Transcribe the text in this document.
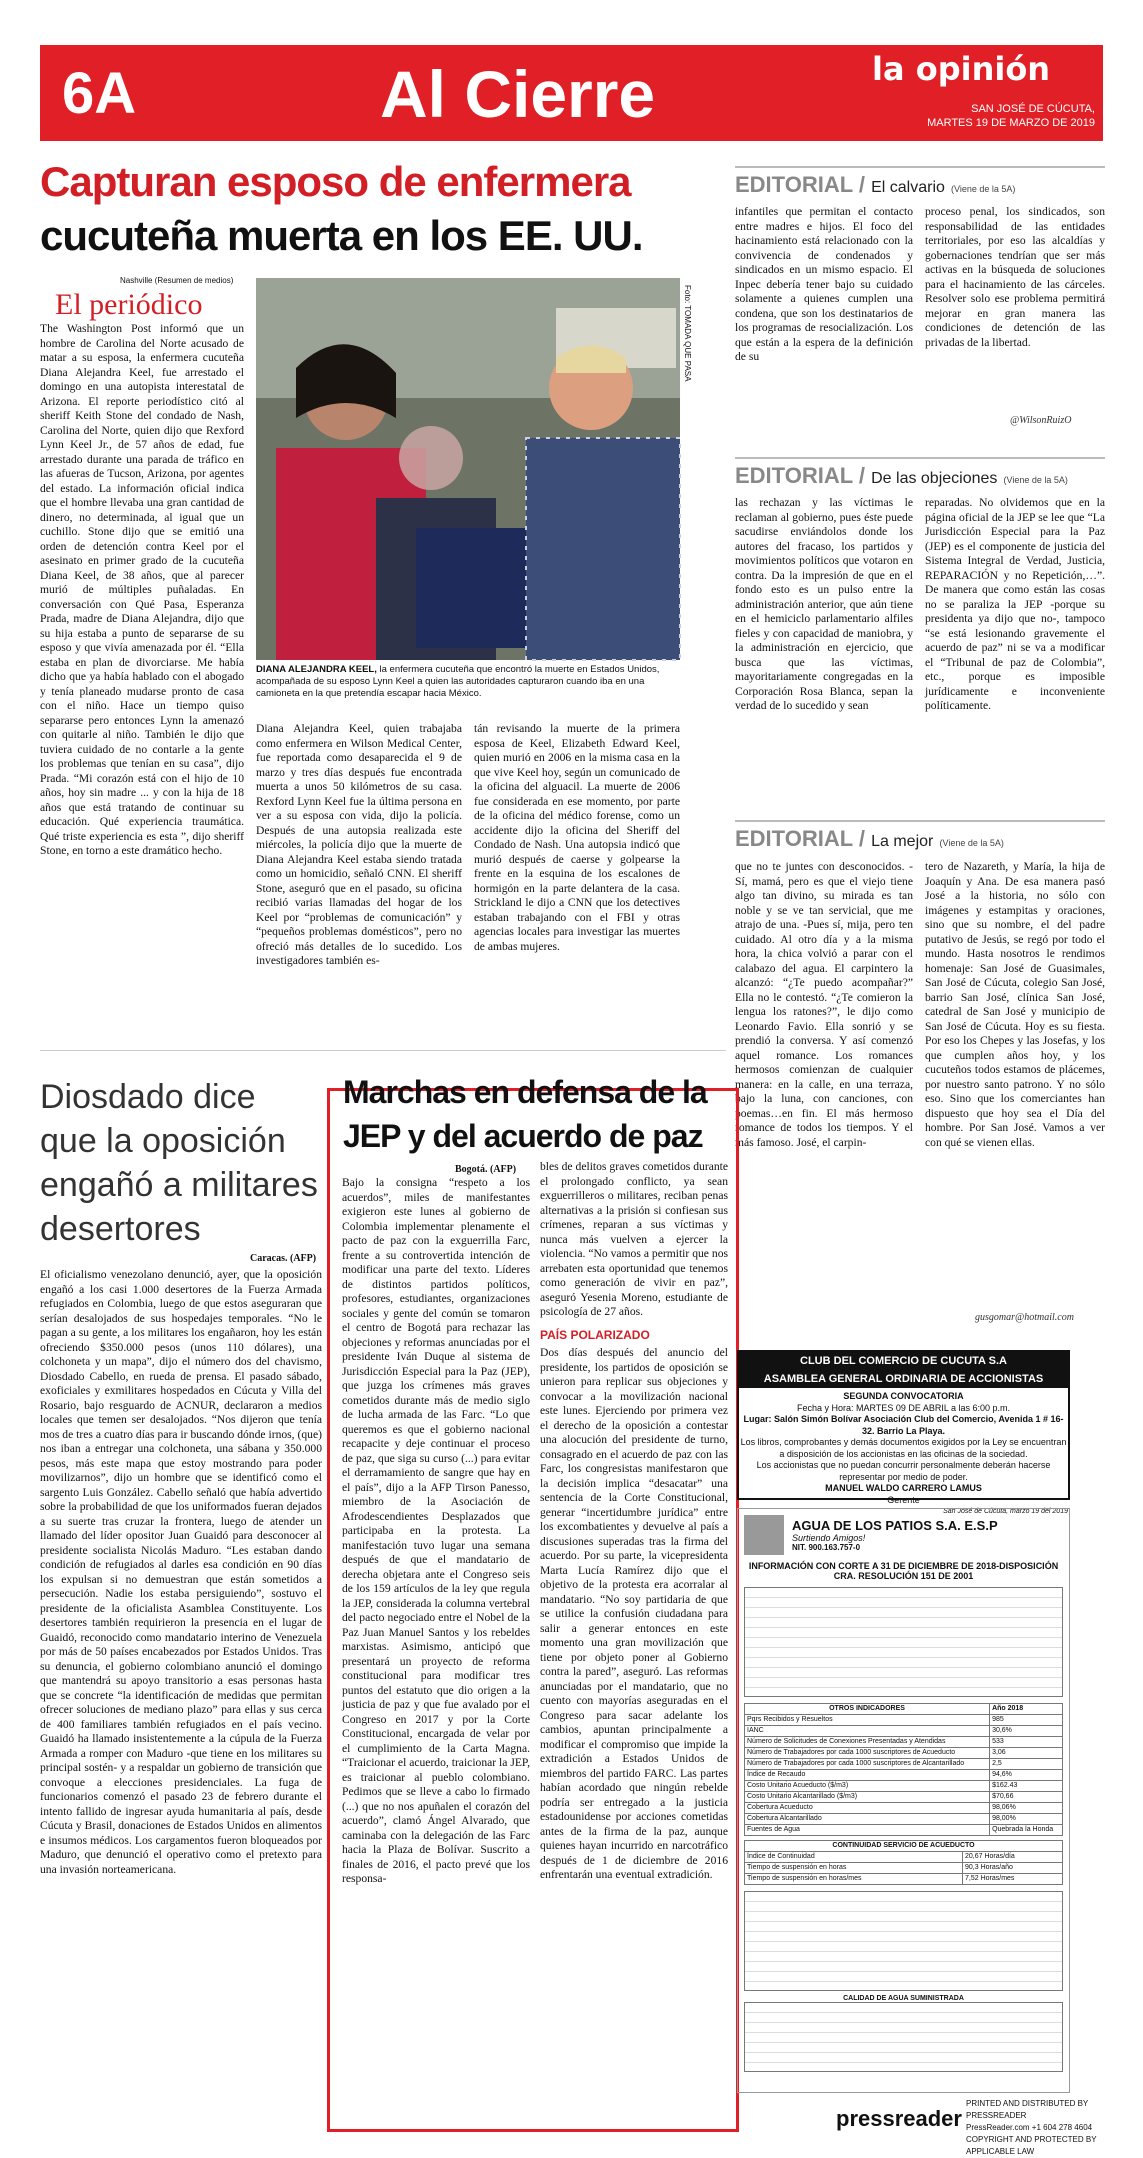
6A	Al Cierre	la opinión
SAN JOSÉ DE CÚCUTA,
MARTES 19 DE MARZO DE 2019
Capturan esposo de enfermera
cucuteña muerta en los EE. UU.
Nashville (Resumen de medios)
El periódico
The Washington Post informó que un hombre de Carolina del Norte acusado de matar a su esposa, la enfermera cucuteña Diana Alejandra Keel, fue arrestado el domingo en una autopista interestatal de Arizona. El reporte periodístico citó al sheriff Keith Stone del condado de Nash, Carolina del Norte, quien dijo que Rexford Lynn Keel Jr., de 57 años de edad, fue arrestado durante una parada de tráfico en las afueras de Tucson, Arizona, por agentes del estado. La información oficial indica que el hombre llevaba una gran cantidad de dinero, no determinada, al igual que un cuchillo. Stone dijo que se emitió una orden de detención contra Keel por el asesinato en primer grado de la cucuteña Diana Keel, de 38 años, que al parecer murió de múltiples puñaladas. En conversación con Qué Pasa, Esperanza Prada, madre de Diana Alejandra, dijo que su hija estaba a punto de separarse de su esposo y que vivía amenazada por él. “Ella estaba en plan de divorciarse. Me había dicho que ya había hablado con el abogado y tenía planeado mudarse pronto de casa con el niño. Hace un tiempo quiso separarse pero entonces Lynn la amenazó con quitarle al niño. También le dijo que tuviera cuidado de no contarle a la gente los problemas que tenían en su casa”, dijo Prada. “Mi corazón está con el hijo de 10 años, hoy sin madre ... y con la hija de 18 años que está tratando de continuar su educación. Qué experiencia traumática. Qué triste experiencia es esta ”, dijo sheriff Stone, en torno a este dramático hecho.
Foto: TOMADA QUE PASA
DIANA ALEJANDRA KEEL, la enfermera cucuteña que encontró la muerte en Estados Unidos, acompañada de su esposo Lynn Keel a quien las autoridades capturaron cuando iba en una camioneta en la que pretendía escapar hacia México.
Diana Alejandra Keel, quien trabajaba como enfermera en Wilson Medical Center, fue reportada como desaparecida el 9 de marzo y tres días después fue encontrada muerta a unos 50 kilómetros de su casa. Rexford Lynn Keel fue la última persona en ver a su esposa con vida, dijo la policía. Después de una autopsia realizada este miércoles, la policía dijo que la muerte de Diana Alejandra Keel estaba siendo tratada como un homicidio, señaló CNN. El sheriff Stone, aseguró que en el pasado, su oficina recibió varias llamadas del hogar de los Keel por “problemas de comunicación” y “pequeños problemas domésticos”, pero no ofreció más detalles de lo sucedido. Los investigadores también es-
tán revisando la muerte de la primera esposa de Keel, Elizabeth Edward Keel, quien murió en 2006 en la misma casa en la que vive Keel hoy, según un comunicado de la oficina del alguacil. La muerte de 2006 fue considerada en ese momento, por parte de la oficina del médico forense, como un accidente dijo la oficina del Sheriff del Condado de Nash. Una autopsia indicó que murió después de caerse y golpearse la frente en la esquina de los escalones de hormigón en la parte delantera de la casa. Strickland le dijo a CNN que los detectives estaban trabajando con el FBI y otras agencias locales para investigar las muertes de ambas mujeres.
EDITORIAL / El calvario (Viene de la 5A)
infantiles que permitan el contacto entre madres e hijos. El foco del hacinamiento está relacionado con la convivencia de condenados y sindicados en un mismo espacio. El Inpec debería tener bajo su cuidado solamente a quienes cumplen una condena, que son los destinatarios de los programas de resocialización. Los que están a la espera de la definición de su
proceso penal, los sindicados, son responsabilidad de las entidades territoriales, por eso las alcaldías y gobernaciones tendrían que ser más activas en la búsqueda de soluciones para el hacinamiento de las cárceles. Resolver solo ese problema permitirá mejorar en gran manera las condiciones de detención de las privadas de la libertad.
@WilsonRuizO
EDITORIAL / De las objeciones (Viene de la 5A)
las rechazan y las víctimas le reclaman al gobierno, pues éste puede sacudirse enviándolos donde los autores del fracaso, los partidos y movimientos políticos que votaron en contra. Da la impresión de que en el fondo esto es un pulso entre la administración anterior, que aún tiene en el hemiciclo parlamentario alfiles fieles y con capacidad de maniobra, y la administración en ejercicio, que busca que las víctimas, mayoritariamente congregadas en la Corporación Rosa Blanca, sepan la verdad de lo sucedido y sean
reparadas. No olvidemos que en la página oficial de la JEP se lee que “La Jurisdicción Especial para la Paz (JEP) es el componente de justicia del Sistema Integral de Verdad, Justicia, REPARACIÓN y no Repetición,…”. De manera que como están las cosas no se paraliza la JEP -porque su presidenta ya dijo que no-, tampoco “se está lesionando gravemente el acuerdo de paz” ni se va a modificar el “Tribunal de paz de Colombia”, etc., porque es imposible jurídicamente e inconveniente políticamente.
EDITORIAL / La mejor (Viene de la 5A)
que no te juntes con desconocidos. -Sí, mamá, pero es que el viejo tiene algo tan divino, su mirada es tan noble y se ve tan servicial, que me atrajo de una. -Pues sí, mija, pero ten cuidado. Al otro día y a la misma hora, la chica volvió a parar con el calabazo del agua. El carpintero la alcanzó: “¿Te puedo acompañar?” Ella no le contestó. “¿Te comieron la lengua los ratones?”, le dijo como Leonardo Favio. Ella sonrió y se prendió la conversa. Y así comenzó aquel romance. Los romances hermosos comienzan de cualquier manera: en la calle, en una terraza, bajo la luna, con canciones, con poemas…en fin. El más hermoso romance de todos los tiempos. Y el más famoso. José, el carpin-
tero de Nazareth, y María, la hija de Joaquín y Ana. De esa manera pasó José a la historia, no sólo con imágenes y estampitas y oraciones, sino que su nombre, el del padre putativo de Jesús, se regó por todo el mundo. Hasta nosotros le rendimos homenaje: San José de Guasimales, San José de Cúcuta, colegio San José, barrio San José, clínica San José, catedral de San José y municipio de San José de Cúcuta. Hoy es su fiesta. Por eso los Chepes y las Josefas, y los que cumplen años hoy, y los cucuteños todos estamos de plácemes, por nuestro santo patrono. Y no sólo eso. Sino que los comerciantes han dispuesto que hoy sea el Día del hombre. Por San José. Vamos a ver con qué se vienen ellas.
gusgomar@hotmail.com
Diosdado dice que la oposición engañó a militares desertores
Caracas. (AFP)
El oficialismo venezolano denunció, ayer, que la oposición engañó a los casi 1.000 desertores de la Fuerza Armada refugiados en Colombia, luego de que estos aseguraran que serían desalojados de sus hospedajes temporales. “No le pagan a su gente, a los militares los engañaron, hoy les están ofreciendo $350.000 pesos (unos 110 dólares), una colchoneta y un mapa”, dijo el número dos del chavismo, Diosdado Cabello, en rueda de prensa. El pasado sábado, exoficiales y exmilitares hospedados en Cúcuta y Villa del Rosario, bajo resguardo de ACNUR, declararon a medios locales que temen ser desalojados. “Nos dijeron que tenía mos de tres a cuatro días para ir buscando dónde irnos, (que) nos iban a entregar una colchoneta, una sábana y 350.000 pesos, más este mapa que estoy mostrando para poder movilizarnos”, dijo un hombre que se identificó como el sargento Luis González. Cabello señaló que había advertido sobre la probabilidad de que los uniformados fueran dejados a su suerte tras cruzar la frontera, luego de atender un llamado del líder opositor Juan Guaidó para desconocer al presidente socialista Nicolás Maduro. “Les estaban dando condición de refugiados al darles esa condición en 90 días los expulsan si no demuestran que están sometidos a persecución. Nadie los estaba persiguiendo”, sostuvo el presidente de la oficialista Asamblea Constituyente. Los desertores también requirieron la presencia en el lugar de Guaidó, reconocido como mandatario interino de Venezuela por más de 50 países encabezados por Estados Unidos. Tras su denuncia, el gobierno colombiano anunció el domingo que mantendrá su apoyo transitorio a esas personas hasta que se concrete “la identificación de medidas que permitan ofrecer soluciones de mediano plazo” para ellas y sus cerca de 400 familiares también refugiados en el país vecino. Guaidó ha llamado insistentemente a la cúpula de la Fuerza Armada a romper con Maduro -que tiene en los militares su principal sostén- y a respaldar un gobierno de transición que convoque a elecciones presidenciales. La fuga de funcionarios comenzó el pasado 23 de febrero durante el intento fallido de ingresar ayuda humanitaria al país, desde Cúcuta y Brasil, donaciones de Estados Unidos en alimentos e insumos médicos. Los cargamentos fueron bloqueados por Maduro, que denunció el operativo como el pretexto para una invasión norteamericana.
Marchas en defensa de la JEP y del acuerdo de paz
Bogotá. (AFP)
Bajo la consigna “respeto a los acuerdos”, miles de manifestantes exigieron este lunes al gobierno de Colombia implementar plenamente el pacto de paz con la exguerrilla Farc, frente a su controvertida intención de modificar una parte del texto. Líderes de distintos partidos políticos, profesores, estudiantes, organizaciones sociales y gente del común se tomaron el centro de Bogotá para rechazar las objeciones y reformas anunciadas por el presidente Iván Duque al sistema de Jurisdicción Especial para la Paz (JEP), que juzga los crímenes más graves cometidos durante más de medio siglo de lucha armada de las Farc. “Lo que queremos es que el gobierno nacional recapacite y deje continuar el proceso de paz, que siga su curso (...) para evitar el derramamiento de sangre que hay en el país”, dijo a la AFP Tirson Panesso, miembro de la Asociación de Afrodescendientes Desplazados que participaba en la protesta. La manifestación tuvo lugar una semana después de que el mandatario de derecha objetara ante el Congreso seis de los 159 artículos de la ley que regula la JEP, considerada la columna vertebral del pacto negociado entre el Nobel de la Paz Juan Manuel Santos y los rebeldes marxistas. Asimismo, anticipó que presentará un proyecto de reforma constitucional para modificar tres puntos del estatuto que dio origen a la justicia de paz y que fue avalado por el Congreso en 2017 y por la Corte Constitucional, encargada de velar por el cumplimiento de la Carta Magna. “Traicionar el acuerdo, traicionar la JEP, es traicionar al pueblo colombiano. Pedimos que se lleve a cabo lo firmado (...) que no nos apuñalen el corazón del acuerdo”, clamó Ángel Alvarado, que caminaba con la delegación de las Farc hacia la Plaza de Bolívar. Suscrito a finales de 2016, el pacto prevé que los responsa-
bles de delitos graves cometidos durante el prolongado conflicto, ya sean exguerrilleros o militares, reciban penas alternativas a la prisión si confiesan sus crímenes, reparan a sus víctimas y nunca más vuelven a ejercer la violencia. “No vamos a permitir que nos arrebaten esta oportunidad que tenemos como generación de vivir en paz”, aseguró Yesenia Moreno, estudiante de psicología de 27 años.
PAÍS POLARIZADO
Dos días después del anuncio del presidente, los partidos de oposición se unieron para replicar sus objeciones y convocar a la movilización nacional este lunes. Ejerciendo por primera vez el derecho de la oposición a contestar una alocución del presidente de turno, consagrado en el acuerdo de paz con las Farc, los congresistas manifestaron que la decisión implica “desacatar” una sentencia de la Corte Constitucional, generar “incertidumbre jurídica” entre los excombatientes y devuelve al país a discusiones superadas tras la firma del acuerdo. Por su parte, la vicepresidenta Marta Lucía Ramírez dijo que el objetivo de la protesta era acorralar al mandatario. “No soy partidaria de que se utilice la confusión ciudadana para salir a generar entonces en este momento una gran movilización que tiene por objeto poner al Gobierno contra la pared”, aseguró. Las reformas anunciadas por el mandatario, que no cuento con mayorías aseguradas en el Congreso para sacar adelante los cambios, apuntan principalmente a modificar el compromiso que impide la extradición a Estados Unidos de miembros del partido FARC. Las partes habían acordado que ningún rebelde podría ser entregado a la justicia estadounidense por acciones cometidas antes de la firma de la paz, aunque quienes hayan incurrido en narcotráfico después de 1 de diciembre de 2016 enfrentarán una eventual extradición.
CLUB DEL COMERCIO DE CUCUTA S.A
ASAMBLEA GENERAL ORDINARIA DE ACCIONISTAS
SEGUNDA CONVOCATORIA
Fecha y Hora: MARTES 09 DE ABRIL a las 6:00 p.m.
Lugar: Salón Simón Bolívar Asociación Club del Comercio, Avenida 1 # 16-32. Barrio La Playa.
Los libros, comprobantes y demás documentos exigidos por la Ley se encuentran a disposición de los accionistas en las oficinas de la sociedad.
Los accionistas que no puedan concurrir personalmente deberán hacerse representar por medio de poder.
MANUEL WALDO CARRERO LAMUS
Gerente
San José de Cúcuta, marzo 19 del 2019
AGUA DE LOS PATIOS S.A. E.S.P
Surtiendo Amigos!
NIT. 900.163.757-0
INFORMACIÓN CON CORTE A 31 DE DICIEMBRE DE 2018-DISPOSICIÓN CRA. RESOLUCIÓN 151 DE 2001
OTROS INDICADORES	Año 2018
Pqrs Recibidos y Resueltos	985
IANC	30,6%
Número de Solicitudes de Conexiones Presentadas y Atendidas	533
Número de Trabajadores por cada 1000 suscriptores de Acueducto	3,06
Número de Trabajadores por cada 1000 suscriptores de Alcantarillado	2,5
Índice de Recaudo	94,6%
Costo Unitario Acueducto ($/m3)	$162.43
Costo Unitario Alcantarillado ($/m3)	$70,66
Cobertura Acueducto	98,06%
Cobertura Alcantarillado	98,00%
Fuentes de Agua	Quebrada la Honda
CONTINUIDAD SERVICIO DE ACUEDUCTO	
Índice de Continuidad	20,67 Horas/día
Tiempo de suspensión en horas	90,3 Horas/año
Tiempo de suspensión en horas/mes	7,52 Horas/mes
CALIDAD DE AGUA SUMINISTRADA
pressreader
PRINTED AND DISTRIBUTED BY PRESSREADER
PressReader.com +1 604 278 4604
COPYRIGHT AND PROTECTED BY APPLICABLE LAW
